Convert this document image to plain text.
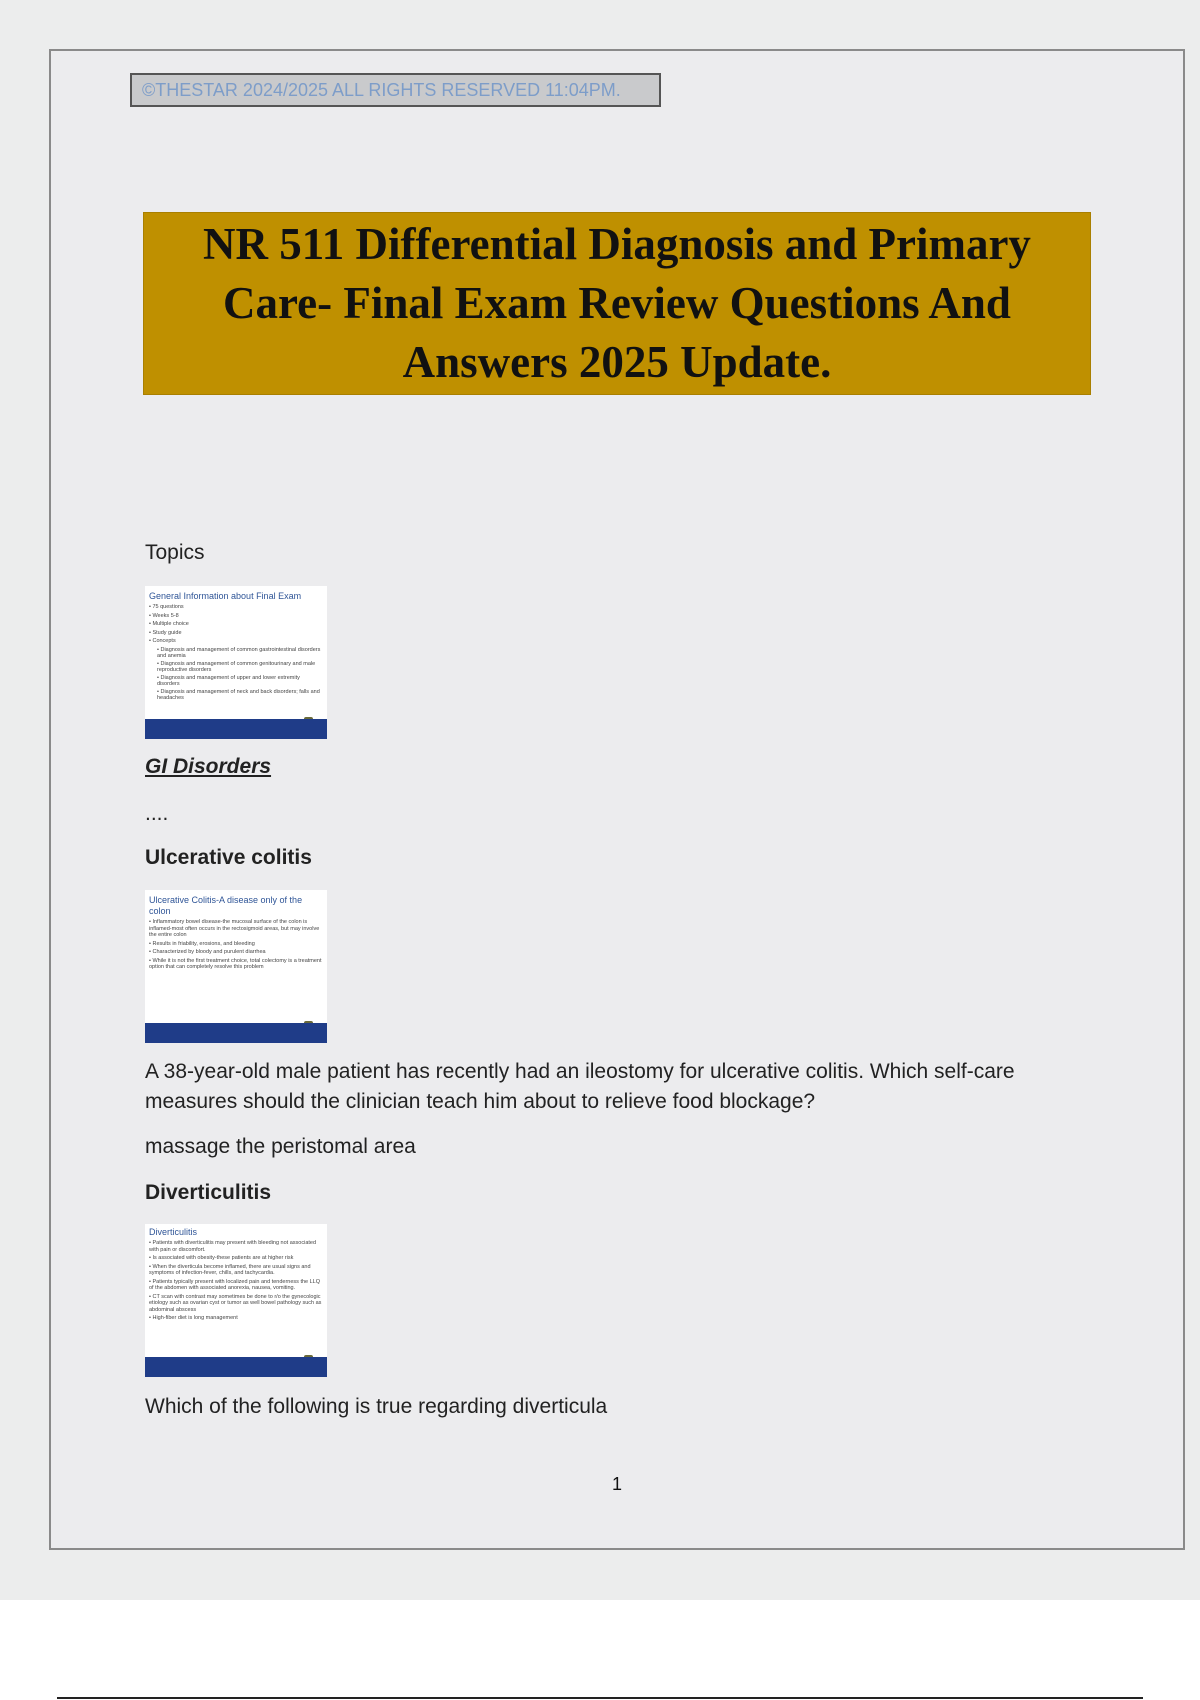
©THESTAR 2024/2025 ALL RIGHTS RESERVED 11:04PM.
NR 511 Differential Diagnosis and Primary Care- Final Exam Review Questions And Answers 2025 Update.
Topics
General Information about Final Exam
• 75 questions
• Weeks 5-8
• Multiple choice
• Study guide
• Concepts
• Diagnosis and management of common gastrointestinal disorders and anemia
• Diagnosis and management of common genitourinary and male reproductive disorders
• Diagnosis and management of upper and lower extremity disorders
• Diagnosis and management of neck and back disorders; falls and headaches
GI Disorders
....
Ulcerative colitis
Ulcerative Colitis-A disease only of the colon
• Inflammatory bowel disease-the mucosal surface of the colon is inflamed-most often occurs in the rectosigmoid areas, but may involve the entire colon
• Results in friability, erosions, and bleeding
• Characterized by bloody and purulent diarrhea
• While it is not the first treatment choice, total colectomy is a treatment option that can completely resolve this problem
A 38-year-old male patient has recently had an ileostomy for ulcerative colitis. Which self-care
measures should the clinician teach him about to relieve food blockage?
massage the peristomal area
Diverticulitis
Diverticulitis
• Patients with diverticulitis may present with bleeding not associated with pain or discomfort.
• Is associated with obesity-these patients are at higher risk
• When the diverticula become inflamed, there are usual signs and symptoms of infection-fever, chills, and tachycardia.
• Patients typically present with localized pain and tenderness the LLQ of the abdomen with associated anorexia, nausea, vomiting.
• CT scan with contrast may sometimes be done to r/o the gynecologic etiology such as ovarian cyst or tumor as well bowel pathology such as abdominal abscess
• High-fiber diet is long management
Which of the following is true regarding diverticula
1
